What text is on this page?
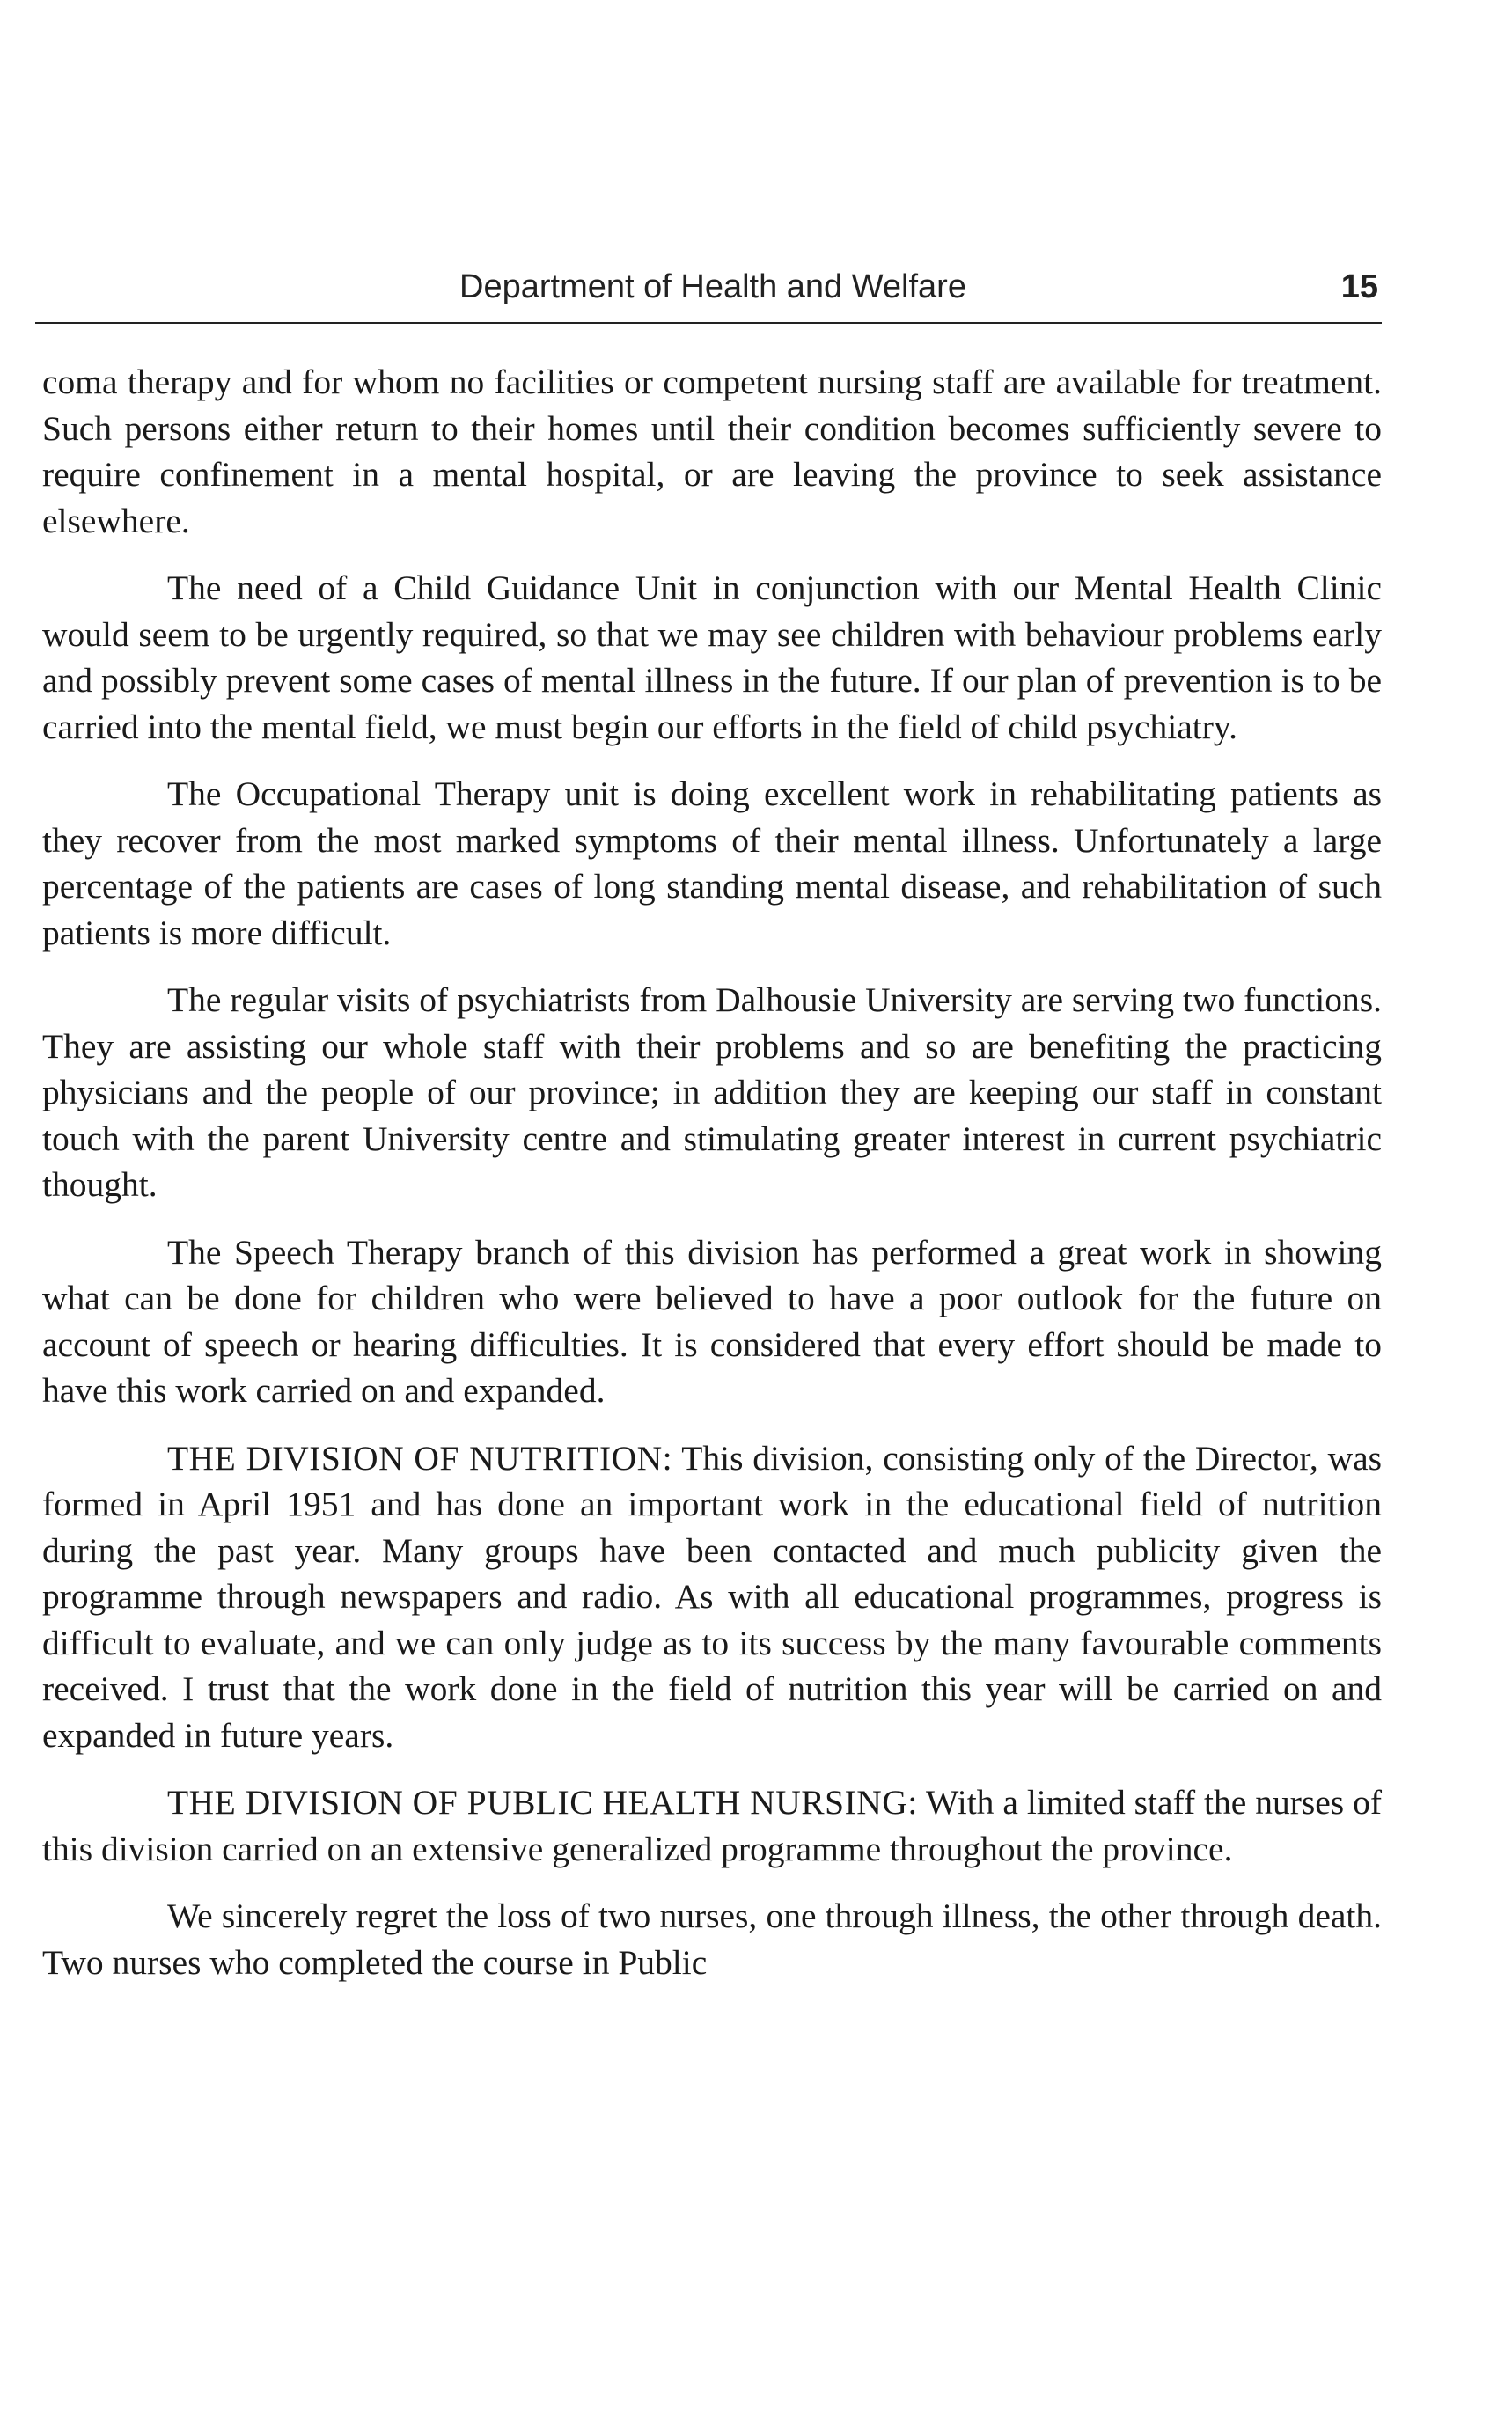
Department of Health and Welfare	15

coma therapy and for whom no facilities or competent nursing staff are available for treatment. Such persons either return to their homes until their condition becomes sufficiently severe to require confinement in a mental hospital, or are leaving the province to seek assistance elsewhere.

The need of a Child Guidance Unit in conjunction with our Mental Health Clinic would seem to be urgently required, so that we may see children with behaviour problems early and possibly prevent some cases of mental illness in the future. If our plan of prevention is to be carried into the mental field, we must begin our efforts in the field of child psychiatry.

The Occupational Therapy unit is doing excellent work in rehabilitating patients as they recover from the most marked symptoms of their mental illness. Unfortunately a large percentage of the patients are cases of long standing mental disease, and rehabilitation of such patients is more difficult.

The regular visits of psychiatrists from Dalhousie University are serving two functions. They are assisting our whole staff with their problems and so are benefiting the practicing physicians and the people of our province; in addition they are keeping our staff in constant touch with the parent University centre and stimulating greater interest in current psychiatric thought.

The Speech Therapy branch of this division has performed a great work in showing what can be done for children who were believed to have a poor outlook for the future on account of speech or hearing difficulties. It is considered that every effort should be made to have this work carried on and expanded.

THE DIVISION OF NUTRITION: This division, consisting only of the Director, was formed in April 1951 and has done an important work in the educational field of nutrition during the past year. Many groups have been contacted and much publicity given the programme through newspapers and radio. As with all educational programmes, progress is difficult to evaluate, and we can only judge as to its success by the many favourable comments received. I trust that the work done in the field of nutrition this year will be carried on and expanded in future years.

THE DIVISION OF PUBLIC HEALTH NURSING: With a limited staff the nurses of this division carried on an extensive generalized programme throughout the province.

We sincerely regret the loss of two nurses, one through illness, the other through death. Two nurses who completed the course in Public
